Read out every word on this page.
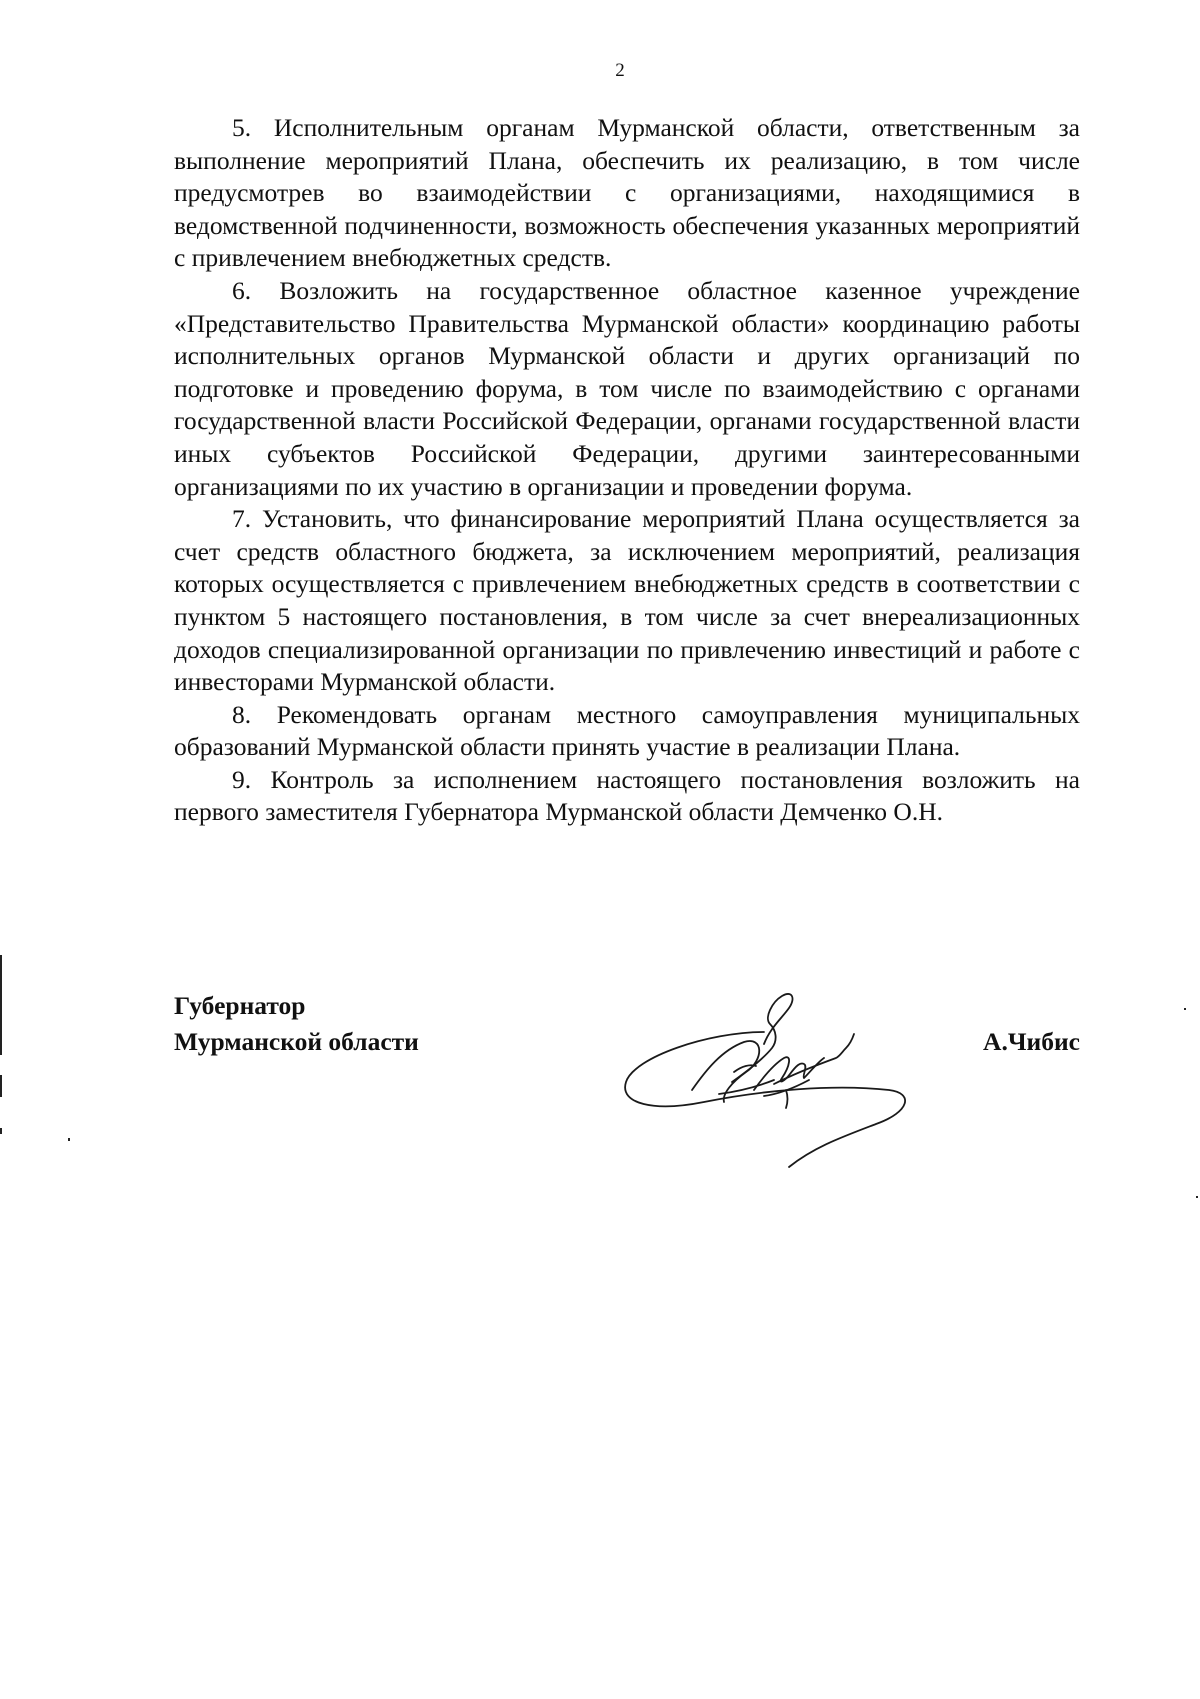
2

5. Исполнительным органам Мурманской области, ответственным за выполнение мероприятий Плана, обеспечить их реализацию, в том числе предусмотрев во взаимодействии с организациями, находящимися в ведомственной подчиненности, возможность обеспечения указанных мероприятий с привлечением внебюджетных средств.

6. Возложить на государственное областное казенное учреждение «Представительство Правительства Мурманской области» координацию работы исполнительных органов Мурманской области и других организаций по подготовке и проведению форума, в том числе по взаимодействию с органами государственной власти Российской Федерации, органами государственной власти иных субъектов Российской Федерации, другими заинтересованными организациями по их участию в организации и проведении форума.

7. Установить, что финансирование мероприятий Плана осуществляется за счет средств областного бюджета, за исключением мероприятий, реализация которых осуществляется с привлечением внебюджетных средств в соответствии с пунктом 5 настоящего постановления, в том числе за счет внереализационных доходов специализированной организации по привлечению инвестиций и работе с инвесторами Мурманской области.

8. Рекомендовать органам местного самоуправления муниципальных образований Мурманской области принять участие в реализации Плана.

9. Контроль за исполнением настоящего постановления возложить на первого заместителя Губернатора Мурманской области Демченко О.Н.

Губернатор
Мурманской области	А.Чибис
